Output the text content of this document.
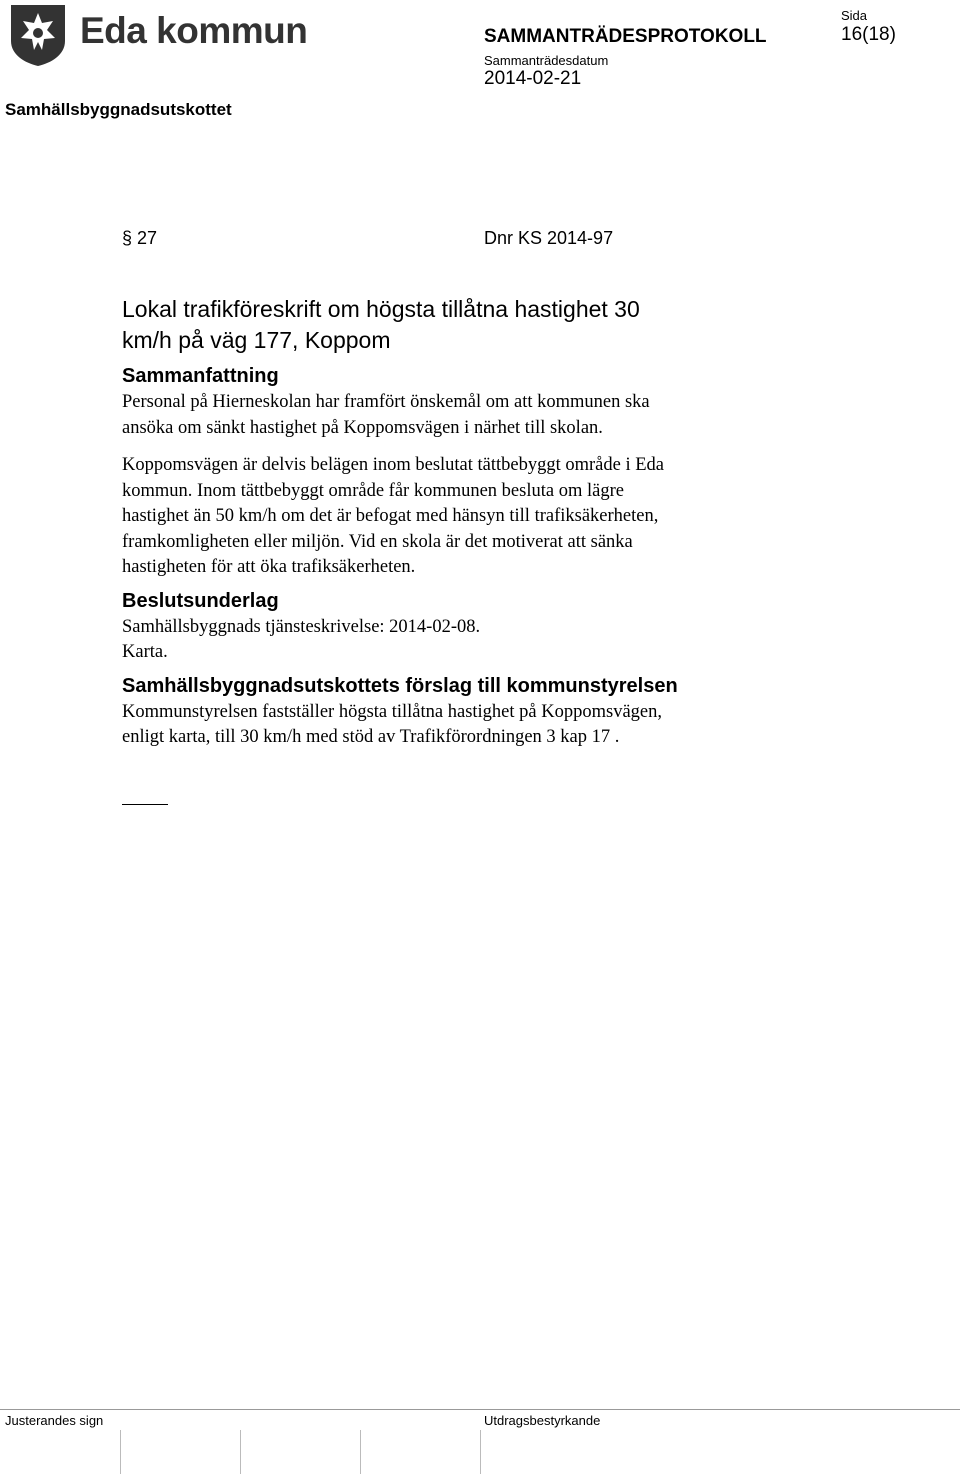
Eda kommun	SAMMANTRÄDESPROTOKOLL
Sammanträdesdatum
2014-02-21
Sida
16(18)
Samhällsbyggnadsutskottet
§ 27	Dnr KS 2014-97
Lokal trafikföreskrift om högsta tillåtna hastighet 30
km/h på väg 177, Koppom
Sammanfattning

Personal på Hierneskolan har framfört önskemål om att kommunen ska
ansöka om sänkt hastighet på Koppomsvägen i närhet till skolan.

Koppomsvägen är delvis belägen inom beslutat tättbebyggt område i Eda
kommun. Inom tättbebyggt område får kommunen besluta om lägre
hastighet än 50 km/h om det är befogat med hänsyn till trafiksäkerheten,
framkomligheten eller miljön. Vid en skola är det motiverat att sänka
hastigheten för att öka trafiksäkerheten.

Beslutsunderlag

Samhällsbyggnads tjänsteskrivelse: 2014-02-08.
Karta.

Samhällsbyggnadsutskottets förslag till kommunstyrelsen

Kommunstyrelsen fastställer högsta tillåtna hastighet på Koppomsvägen,
enligt karta, till 30 km/h med stöd av Trafikförordningen 3 kap 17 .

Justerandes sign	Utdragsbestyrkande
